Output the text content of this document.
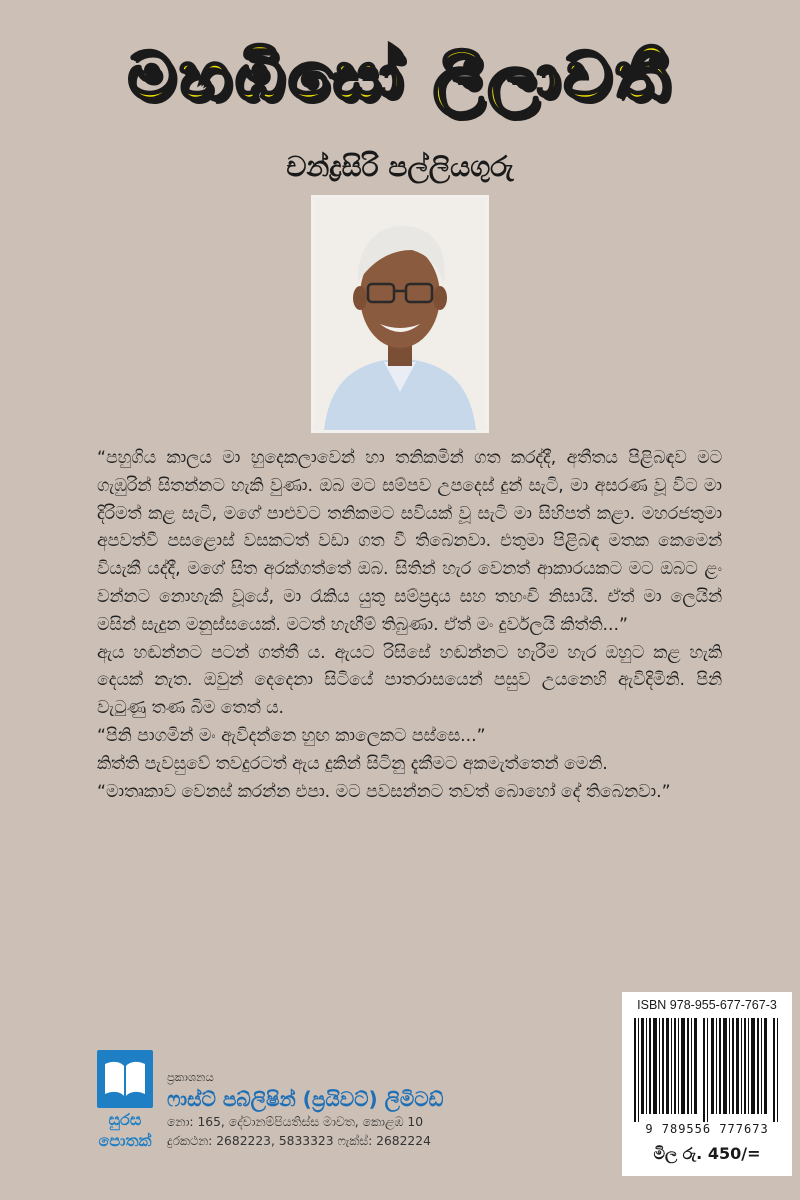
මහඹිසෝ ලීලාවතී
චන්ද්‍රසිරි පල්ලියගුරු

“පහුගිය කාලය මා හුදෙකලාවෙන් හා තනිකමින් ගත කරද්දී, අතීතය පිළිබඳව මට ගැඹුරින් සිතන්නට හැකි වුණා. ඔබ මට සම්පව උපදෙස් දුන් සැටි, මා අසරණ වූ විට මා දිරිමත් කළ සැටි, මගේ පාළුවට තනිකමට සවියක් වූ සැටි මා සිහිපත් කළා. මහරජතුමා අපවත්වී පසළොස් වසකටත් වඩා ගත වී තිබෙනවා. එතුමා පිළිබඳ මතක කෙමෙන් වියැකී යද්දී, මගේ සිත අරක්ගත්තේ ඔබ. සිතින් හැර වෙනත් ආකාරයකට මට ඔබට ළං වන්නට නොහැකි වූයේ, මා රැකිය යුතු සම්ප්‍රදාය සහ තහංචි නිසායි. ඒත් මා ලෙයින් මසින් සැදුන මනුස්සයෙක්. මටත් හැඟීම් තිබුණා. ඒත් මං දුර්වලයි කිත්ති...”

ඇය හඬන්නට පටන් ගත්තී ය. ඇයට රිසිසේ හඬන්නට හැරීම හැර ඔහුට කළ හැකි දෙයක් නැත. ඔවුන් දෙදෙනා සිටියේ පාතරාසයෙන් පසුව උයනෙහි ඇවිදිමිනි. පිනි වැටුණු තණ බිම තෙත් ය.

“පිනි පාගමින් මං ඇවිදන්නෙ හුඟ කාලෙකට පස්සෙ...”

කිත්ති පැවසුවේ තවදුරටත් ඇය දුකින් සිටිනු දැකීමට අකමැත්තෙන් මෙනි.

“මාතෘකාව වෙනස් කරන්න එපා. මට පවසන්නට තවත් බොහෝ දේ තිබෙනවා.”

ISBN 978-955-677-767-3
9 789556 777673
මිල රු. 450/=
සුරස
පොතක්
ප්‍රකාශනය
ෆාස්ට් පබ්ලිෂින් (ප්‍රයිවට්) ලිමිටඩ්
නො: 165, දේවානම්පියතිස්ස මාවත, කොළඹ 10
දුරකථන: 2682223, 5833323 ෆැක්ස්: 2682224
